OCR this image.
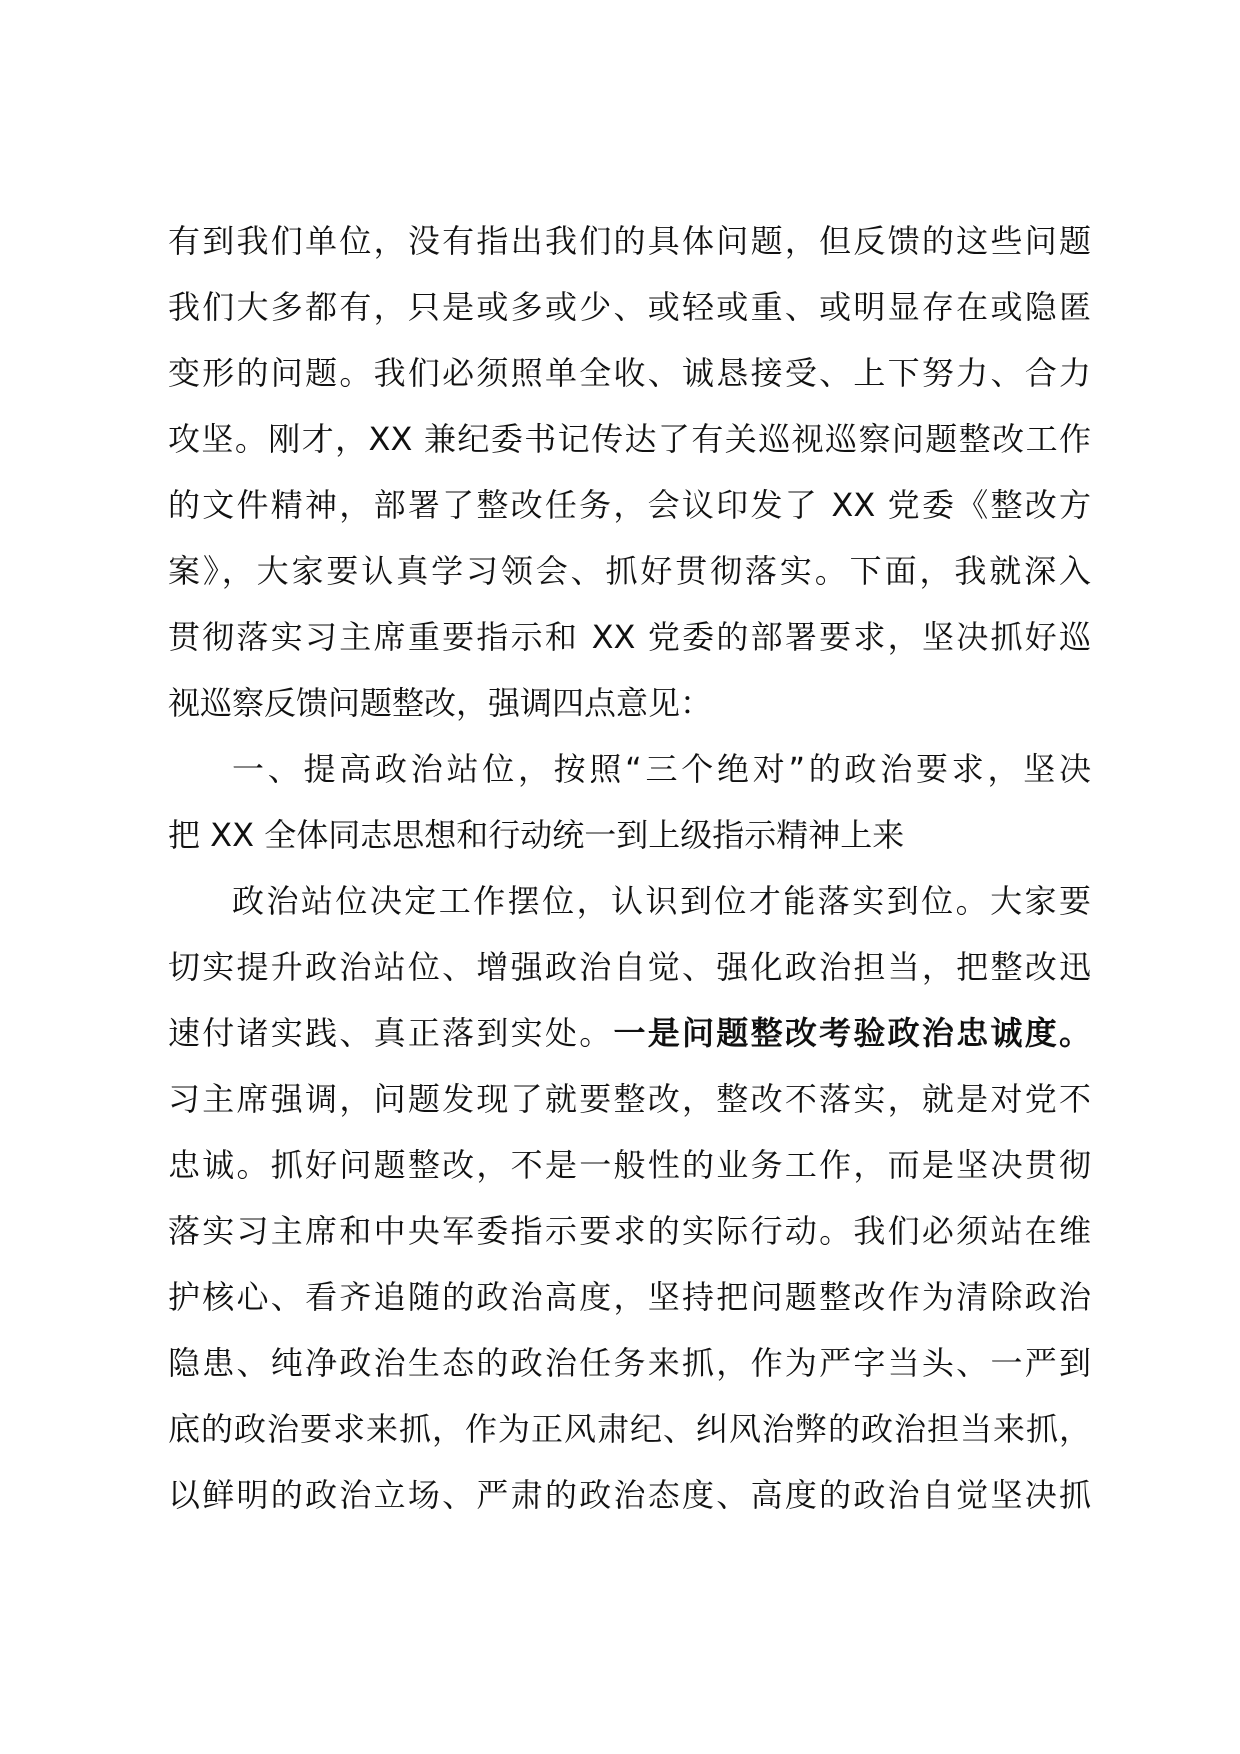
有到我们单位，没有指出我们的具体问题，但反馈的这些问题
我们大多都有，只是或多或少、或轻或重、或明显存在或隐匿
变形的问题。我们必须照单全收、诚恳接受、上下努力、合力
攻坚。刚才，XX 兼纪委书记传达了有关巡视巡察问题整改工作
的文件精神，部署了整改任务，会议印发了 XX 党委《整改方
案》，大家要认真学习领会、抓好贯彻落实。下面，我就深入
贯彻落实习主席重要指示和 XX 党委的部署要求，坚决抓好巡
视巡察反馈问题整改，强调四点意见：
一、提高政治站位，按照“三个绝对”的政治要求，坚决
把 XX 全体同志思想和行动统一到上级指示精神上来
政治站位决定工作摆位，认识到位才能落实到位。大家要
切实提升政治站位、增强政治自觉、强化政治担当，把整改迅
速付诸实践、真正落到实处。一是问题整改考验政治忠诚度。
习主席强调，问题发现了就要整改，整改不落实，就是对党不
忠诚。抓好问题整改，不是一般性的业务工作，而是坚决贯彻
落实习主席和中央军委指示要求的实际行动。我们必须站在维
护核心、看齐追随的政治高度，坚持把问题整改作为清除政治
隐患、纯净政治生态的政治任务来抓，作为严字当头、一严到
底的政治要求来抓，作为正风肃纪、纠风治弊的政治担当来抓，
以鲜明的政治立场、严肃的政治态度、高度的政治自觉坚决抓
